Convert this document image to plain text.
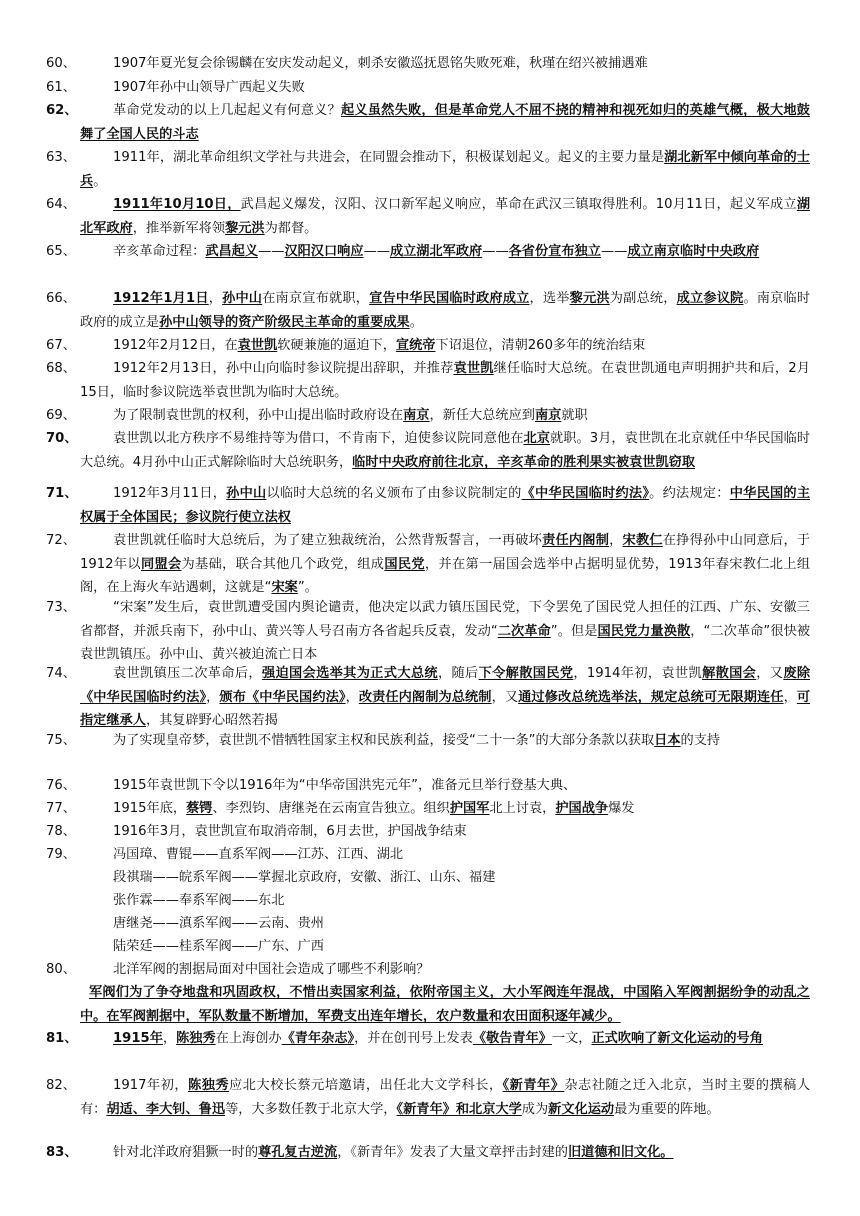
60、	1907年夏光复会徐锡麟在安庆发动起义，刺杀安徽巡抚恩铭失败死难，秋瑾在绍兴被捕遇难
61、	1907年孙中山领导广西起义失败
62、	革命党发动的以上几起起义有何意义？起义虽然失败，但是革命党人不屈不挠的精神和视死如归的英雄气概，极大地鼓舞了全国人民的斗志
63、	1911年，湖北革命组织文学社与共进会，在同盟会推动下，积极谋划起义。起义的主要力量是湖北新军中倾向革命的士兵。
64、	1911年10月10日，武昌起义爆发，汉阳、汉口新军起义响应，革命在武汉三镇取得胜利。10月11日，起义军成立湖北军政府，推举新军将领黎元洪为都督。
65、	辛亥革命过程：武昌起义——汉阳汉口响应——成立湖北军政府——各省份宣布独立——成立南京临时中央政府
66、	1912年1月1日，孙中山在南京宣布就职，宣告中华民国临时政府成立，选举黎元洪为副总统，成立参议院。南京临时政府的成立是孙中山领导的资产阶级民主革命的重要成果。
67、	1912年2月12日，在袁世凯软硬兼施的逼迫下，宣统帝下诏退位，清朝260多年的统治结束
68、	1912年2月13日，孙中山向临时参议院提出辞职，并推荐袁世凯继任临时大总统。在袁世凯通电声明拥护共和后，2月15日，临时参议院选举袁世凯为临时大总统。
69、	为了限制袁世凯的权利，孙中山提出临时政府设在南京，新任大总统应到南京就职
70、	袁世凯以北方秩序不易维持等为借口，不肯南下，迫使参议院同意他在北京就职。3月，袁世凯在北京就任中华民国临时大总统。4月孙中山正式解除临时大总统职务，临时中央政府前往北京，辛亥革命的胜利果实被袁世凯窃取
71、	1912年3月11日，孙中山以临时大总统的名义颁布了由参议院制定的《中华民国临时约法》。约法规定：中华民国的主权属于全体国民；参议院行使立法权
72、	袁世凯就任临时大总统后，为了建立独裁统治，公然背叛誓言，一再破坏责任内阁制，宋教仁在挣得孙中山同意后，于1912年以同盟会为基础，联合其他几个政党，组成国民党，并在第一届国会选举中占据明显优势，1913年春宋教仁北上组阁，在上海火车站遇刺，这就是“宋案”。
73、	“宋案”发生后，袁世凯遭受国内舆论谴责，他决定以武力镇压国民党，下令罢免了国民党人担任的江西、广东、安徽三省都督，并派兵南下，孙中山、黄兴等人号召南方各省起兵反袁，发动“二次革命”。但是国民党力量涣散，“二次革命”很快被袁世凯镇压。孙中山、黄兴被迫流亡日本
74、	袁世凯镇压二次革命后，强迫国会选举其为正式大总统，随后下令解散国民党，1914年初，袁世凯解散国会，又废除《中华民国临时约法》，颁布《中华民国约法》，改责任内阁制为总统制，又通过修改总统选举法，规定总统可无限期连任，可指定继承人，其复辟野心昭然若揭
75、	为了实现皇帝梦，袁世凯不惜牺牲国家主权和民族利益，接受“二十一条”的大部分条款以获取日本的支持
76、	1915年袁世凯下令以1916年为“中华帝国洪宪元年”，准备元旦举行登基大典、
77、	1915年底，蔡锷、李烈钧、唐继尧在云南宣告独立。组织护国军北上讨袁，护国战争爆发
78、	1916年3月，袁世凯宣布取消帝制，6月去世，护国战争结束
79、	冯国璋、曹锟——直系军阀——江苏、江西、湖北
段祺瑞——皖系军阀——掌握北京政府，安徽、浙江、山东、福建
张作霖——奉系军阀——东北
唐继尧——滇系军阀——云南、贵州
陆荣廷——桂系军阀——广东、广西
80、	北洋军阀的割据局面对中国社会造成了哪些不利影响？
军阀们为了争夺地盘和巩固政权，不惜出卖国家利益，依附帝国主义，大小军阀连年混战，中国陷入军阀割据纷争的动乱之中。在军阀割据中，军队数量不断增加，军费支出连年增长，农户数量和农田面积逐年减少。
81、	1915年，陈独秀在上海创办《青年杂志》，并在创刊号上发表《敬告青年》一文，正式吹响了新文化运动的号角
82、	1917年初，陈独秀应北大校长蔡元培邀请，出任北大文学科长，《新青年》杂志社随之迁入北京，当时主要的撰稿人有：胡适、李大钊、鲁迅等，大多数任教于北京大学，《新青年》和北京大学成为新文化运动最为重要的阵地。
83、	针对北洋政府猖獗一时的尊孔复古逆流，《新青年》发表了大量文章抨击封建的旧道德和旧文化。
